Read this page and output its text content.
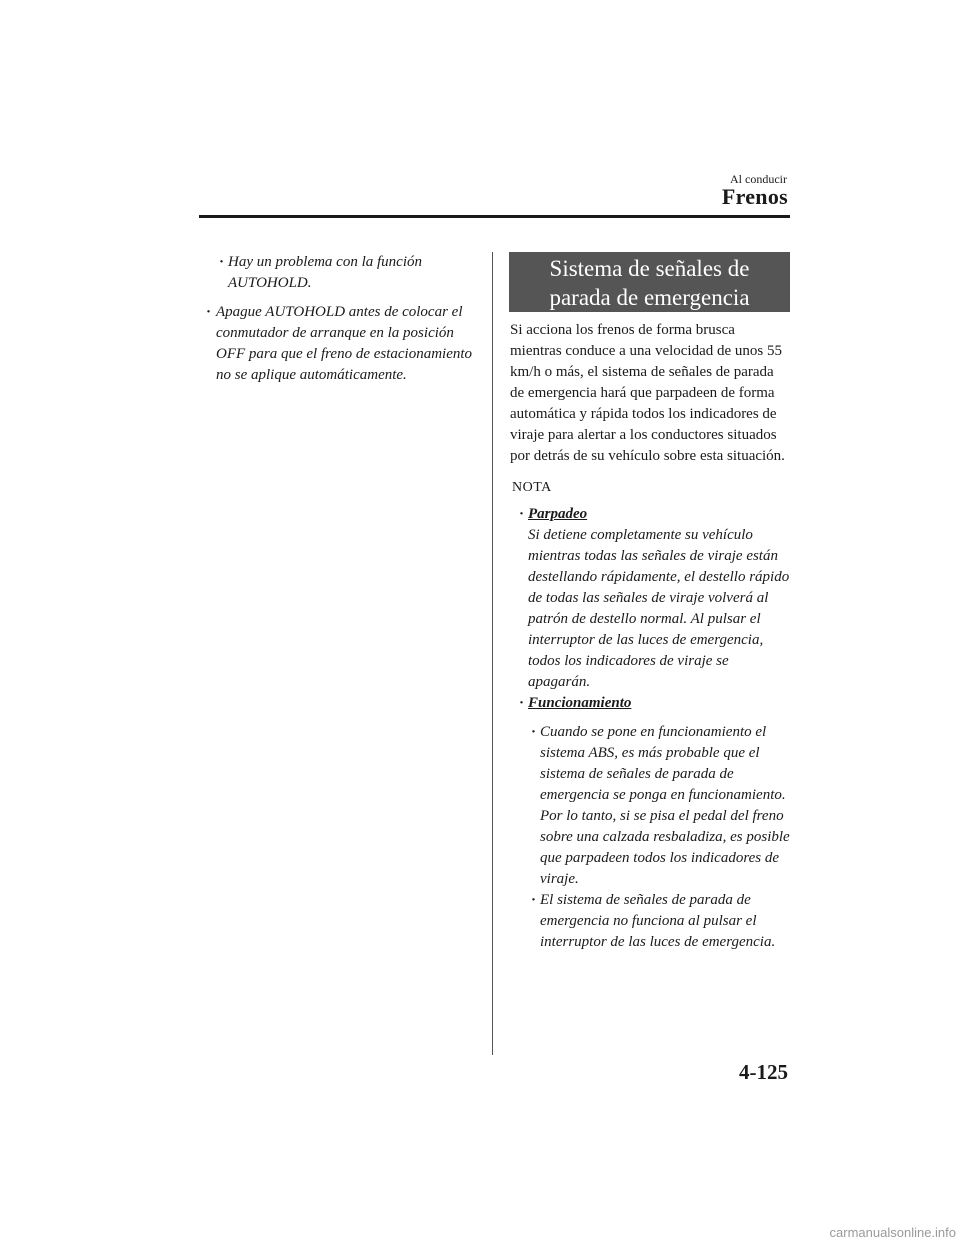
Al conducir
Frenos

· Hay un problema con la función AUTOHOLD.

· Apague AUTOHOLD antes de colocar el conmutador de arranque en la posición OFF para que el freno de estacionamiento no se aplique automáticamente.

Sistema de señales de
parada de emergencia

Si acciona los frenos de forma brusca mientras conduce a una velocidad de unos 55 km/h o más, el sistema de señales de parada de emergencia hará que parpadeen de forma automática y rápida todos los indicadores de viraje para alertar a los conductores situados por detrás de su vehículo sobre esta situación.

NOTA

· Parpadeo
Si detiene completamente su vehículo mientras todas las señales de viraje están destellando rápidamente, el destello rápido de todas las señales de viraje volverá al patrón de destello normal. Al pulsar el interruptor de las luces de emergencia, todos los indicadores de viraje se apagarán.
· Funcionamiento

· Cuando se pone en funcionamiento el sistema ABS, es más probable que el sistema de señales de parada de emergencia se ponga en funcionamiento. Por lo tanto, si se pisa el pedal del freno sobre una calzada resbaladiza, es posible que parpadeen todos los indicadores de viraje.

· El sistema de señales de parada de emergencia no funciona al pulsar el interruptor de las luces de emergencia.

4-125
carmanualsonline.info
